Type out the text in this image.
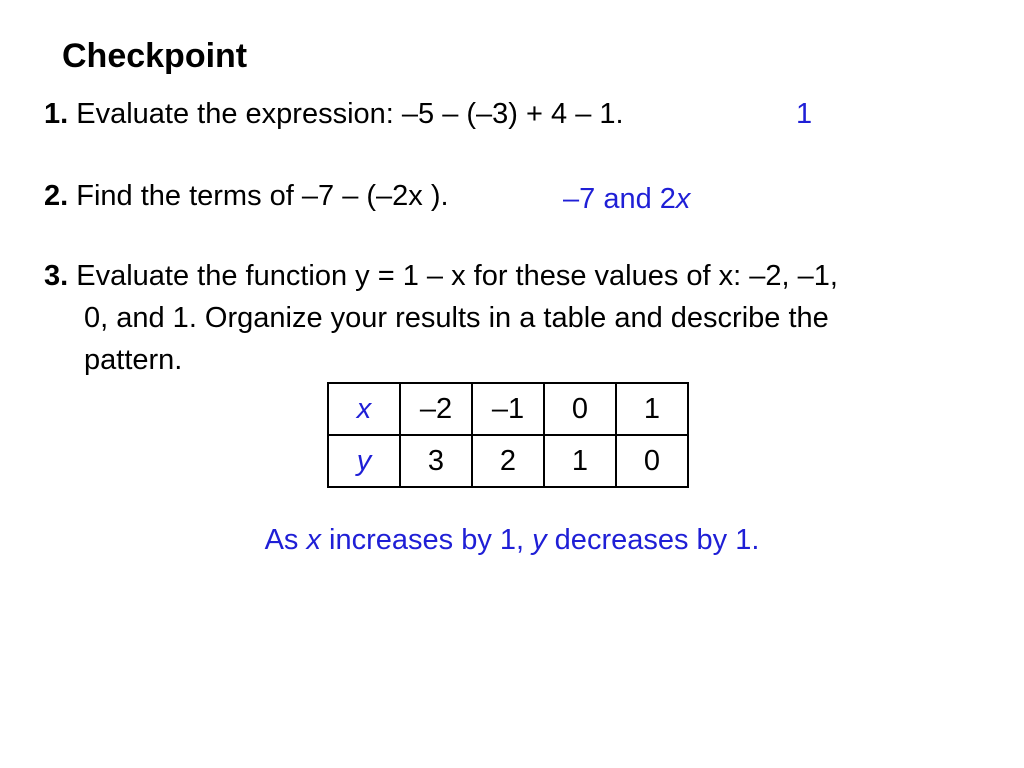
Checkpoint
1. Evaluate the expression: –5 – (–3) + 4 – 1.	1
2. Find the terms of –7 – (–2x ).	–7 and 2x
3. Evaluate the function y = 1 – x for these values of x: –2, –1,
0, and 1. Organize your results in a table and describe the
pattern.
x	–2	–1	0	1
y	3	2	1	0
As x increases by 1, y decreases by 1.
